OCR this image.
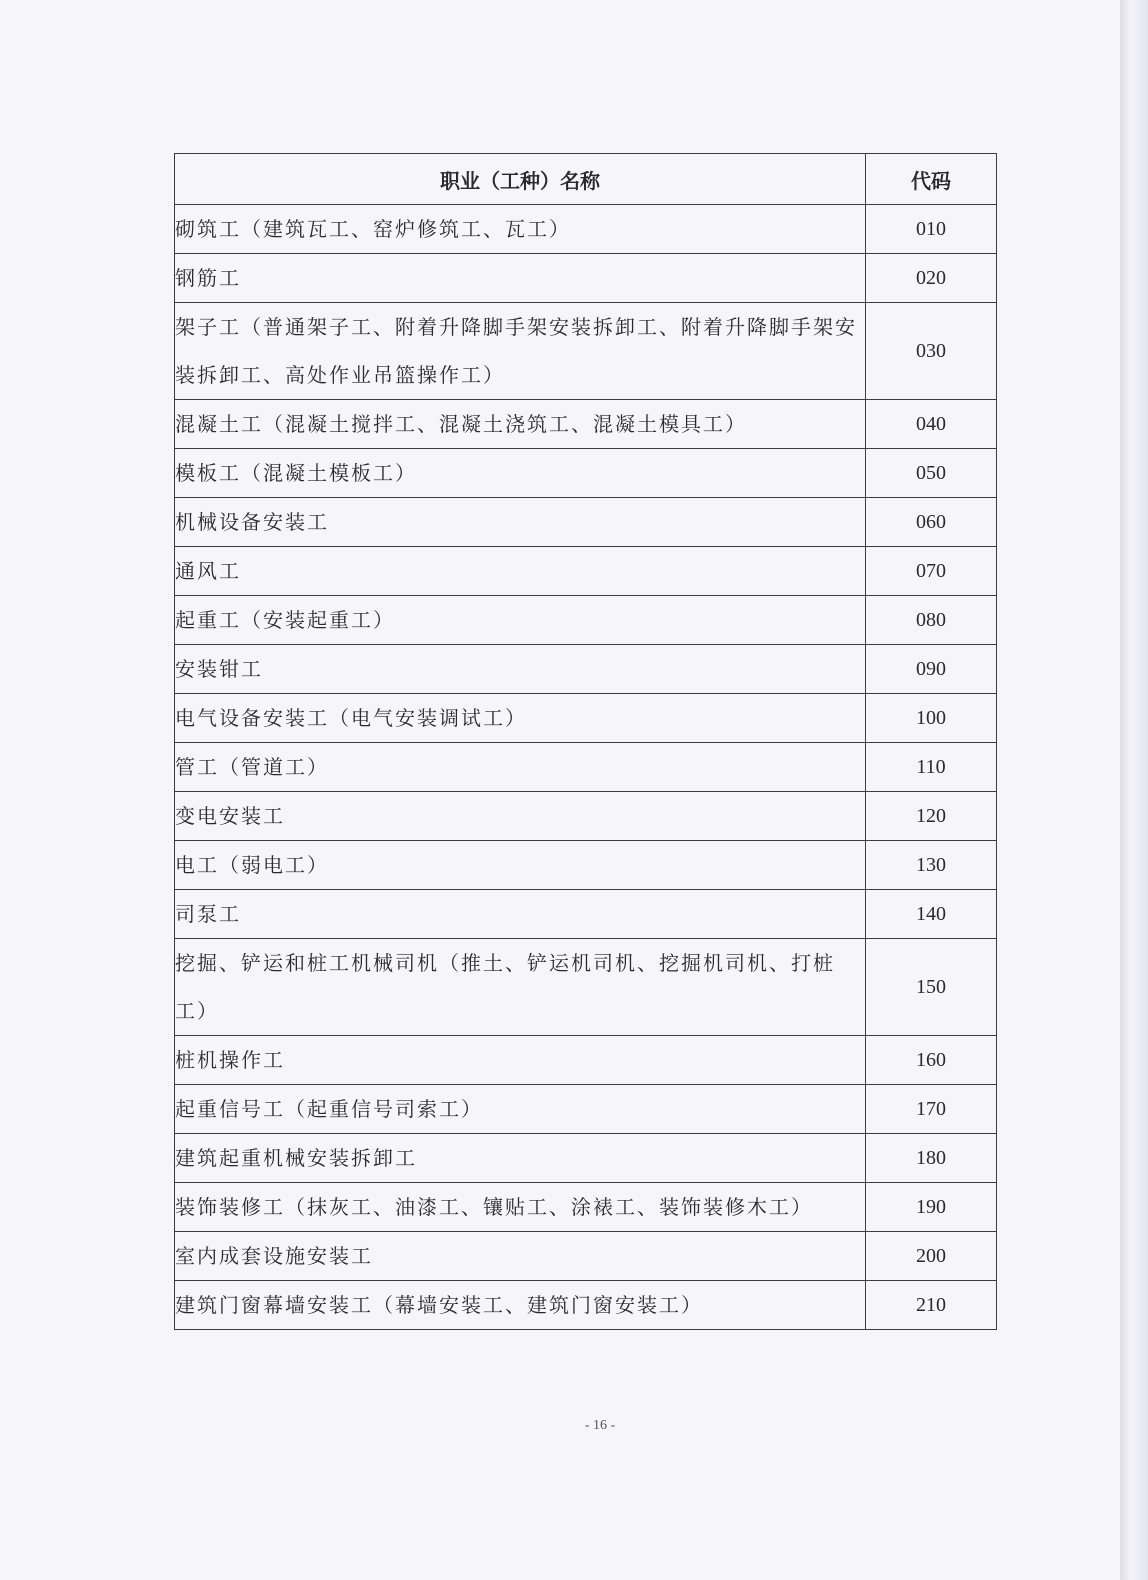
职业（工种）名称	代码
砌筑工（建筑瓦工、窑炉修筑工、瓦工）	010
钢筋工	020
架子工（普通架子工、附着升降脚手架安装拆卸工、附着升降脚手架安装拆卸工、高处作业吊篮操作工）	030
混凝土工（混凝土搅拌工、混凝土浇筑工、混凝土模具工）	040
模板工（混凝土模板工）	050
机械设备安装工	060
通风工	070
起重工（安装起重工）	080
安装钳工	090
电气设备安装工（电气安装调试工）	100
管工（管道工）	110
变电安装工	120
电工（弱电工）	130
司泵工	140
挖掘、铲运和桩工机械司机（推土、铲运机司机、挖掘机司机、打桩工）	150
桩机操作工	160
起重信号工（起重信号司索工）	170
建筑起重机械安装拆卸工	180
装饰装修工（抹灰工、油漆工、镶贴工、涂裱工、装饰装修木工）	190
室内成套设施安装工	200
建筑门窗幕墙安装工（幕墙安装工、建筑门窗安装工）	210
- 16 -
